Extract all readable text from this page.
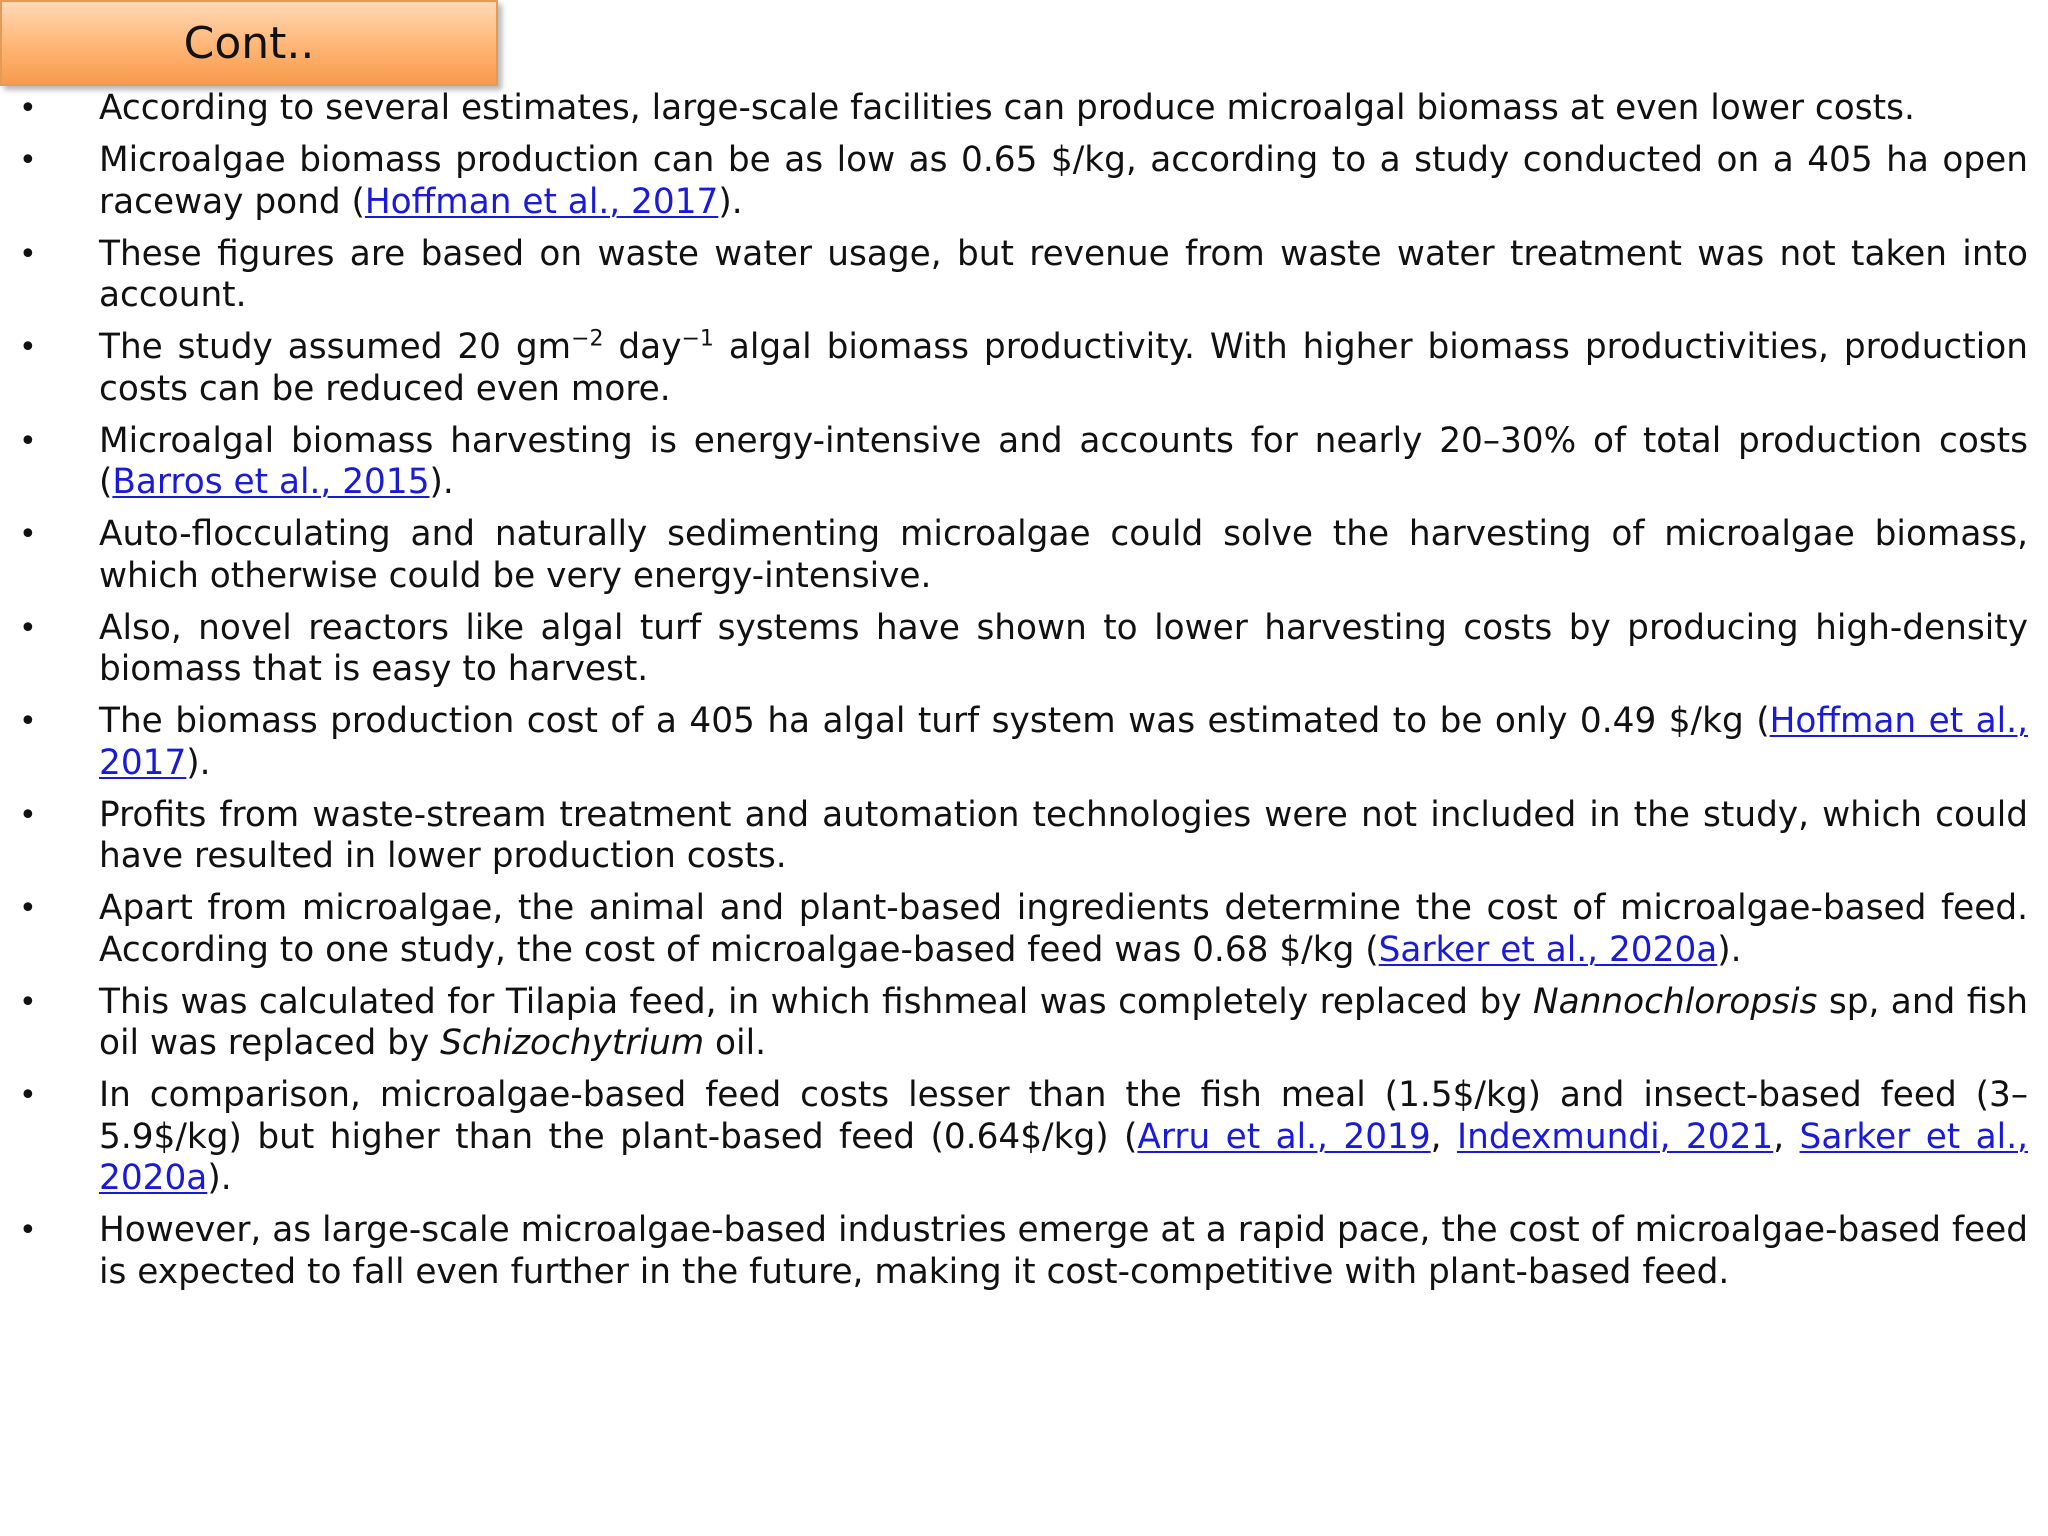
Cont..
• According to several estimates, large-scale facilities can produce microalgal biomass at even lower costs.
• Microalgae biomass production can be as low as 0.65 $/kg, according to a study conducted on a 405 ha open raceway pond (Hoffman et al., 2017).
• These figures are based on waste water usage, but revenue from waste water treatment was not taken into account.
• The study assumed 20 $gm^{-2}$ day$^{-1}$ algal biomass productivity. With higher biomass productivities, production costs can be reduced even more.
• Microalgal biomass harvesting is energy-intensive and accounts for nearly 20–30% of total production costs (Barros et al., 2015).
• Auto-flocculating and naturally sedimenting microalgae could solve the harvesting of microalgae biomass, which otherwise could be very energy-intensive.
• Also, novel reactors like algal turf systems have shown to lower harvesting costs by producing high-density biomass that is easy to harvest.
• The biomass production cost of a 405 ha algal turf system was estimated to be only 0.49 $/kg (Hoffman et al., 2017).
• Profits from waste-stream treatment and automation technologies were not included in the study, which could have resulted in lower production costs.
• Apart from microalgae, the animal and plant-based ingredients determine the cost of microalgae-based feed. According to one study, the cost of microalgae-based feed was 0.68 $/kg (Sarker et al., 2020a).
• This was calculated for Tilapia feed, in which fishmeal was completely replaced by Nannochloropsis sp, and fish oil was replaced by Schizochytrium oil.
• In comparison, microalgae-based feed costs lesser than the fish meal (1.5$/kg) and insect-based feed (3–5.9$/kg) but higher than the plant-based feed (0.64$/kg) (Arru et al., 2019, Indexmundi, 2021, Sarker et al., 2020a).
• However, as large-scale microalgae-based industries emerge at a rapid pace, the cost of microalgae-based feed is expected to fall even further in the future, making it cost-competitive with plant-based feed.
